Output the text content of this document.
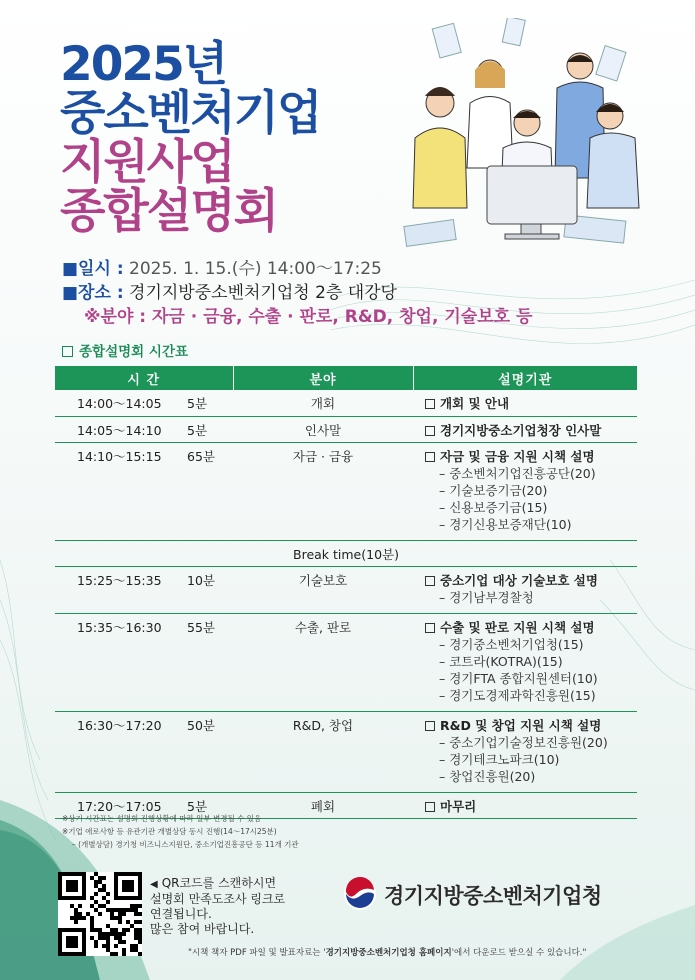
2025년
중소벤처기업
지원사업
종합설명회
■일시 : 2025. 1. 15.(수) 14:00～17:25
■장소 : 경기지방중소벤처기업청 2층 대강당
※분야 : 자금 · 금융, 수출 · 판로, R&D, 창업, 기술보호 등
종합설명회 시간표
시 간		분야	설명기관
14:00～14:05	5분	개회	개회 및 안내

14:05～14:10	5분	인사말	경기지방중소기업청장 인사말

14:10～15:15	65분	자금 · 금융	자금 및 금융 지원 시책 설명
– 중소벤처기업진흥공단(20)
– 기술보증기금(20)
– 신용보증기금(15)
– 경기신용보증재단(10)

Break time(10분)			
15:25～15:35	10분	기술보호	중소기업 대상 기술보호 설명
– 경기남부경찰청

15:35～16:30	55분	수출, 판로	수출 및 판로 지원 시책 설명
– 경기중소벤처기업청(15)
– 코트라(KOTRA)(15)
– 경기FTA 종합지원센터(10)
– 경기도경제과학진흥원(15)

16:30～17:20	50분	R&D, 창업	R&D 및 창업 지원 시책 설명
– 중소기업기술정보진흥원(20)
– 경기테크노파크(10)
– 창업진흥원(20)

17:20～17:05	5분	폐회	마무리
※상기 시간표는 설명회 진행상황에 따라 일부 변경될 수 있음
※기업 애로사항 등 유관기관 개별상담 동시 진행(14～17시25분)
– (개별상담) 경기청 비즈니스지원단, 중소기업진흥공단 등 11개 기관
◀ QR코드를 스캔하시면
설명회 만족도조사 링크로
연결됩니다.
많은 참여 바랍니다.
경기지방중소벤처기업청
"시책 책자 PDF 파일 및 발표자료는 '경기지방중소벤처기업청 홈페이지'에서 다운로드 받으실 수 있습니다."
